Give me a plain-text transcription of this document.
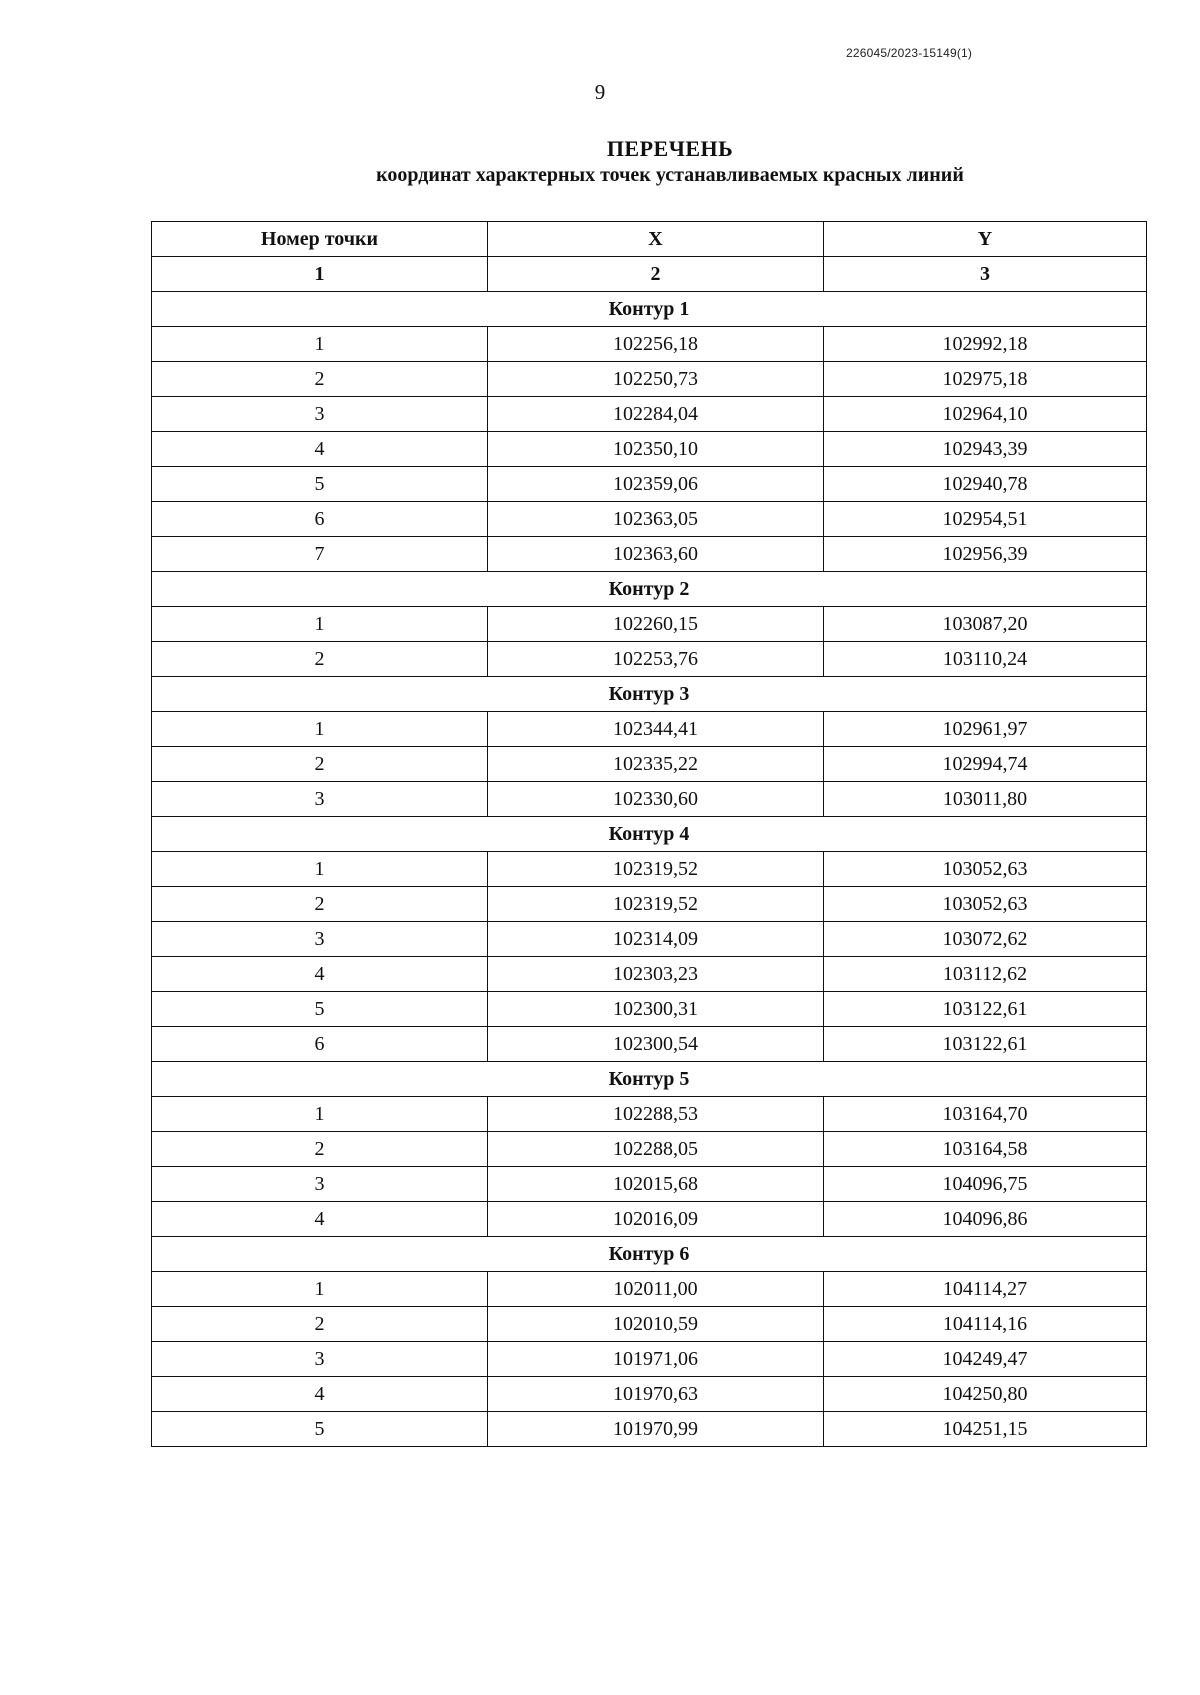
226045/2023-15149(1)
9
ПЕРЕЧЕНЬ
координат характерных точек устанавливаемых красных линий
Номер точки	X	Y
1	2	3
Контур 1		
1	102256,18	102992,18
2	102250,73	102975,18
3	102284,04	102964,10
4	102350,10	102943,39
5	102359,06	102940,78
6	102363,05	102954,51
7	102363,60	102956,39
Контур 2		
1	102260,15	103087,20
2	102253,76	103110,24
Контур 3		
1	102344,41	102961,97
2	102335,22	102994,74
3	102330,60	103011,80
Контур 4		
1	102319,52	103052,63
2	102319,52	103052,63
3	102314,09	103072,62
4	102303,23	103112,62
5	102300,31	103122,61
6	102300,54	103122,61
Контур 5		
1	102288,53	103164,70
2	102288,05	103164,58
3	102015,68	104096,75
4	102016,09	104096,86
Контур 6		
1	102011,00	104114,27
2	102010,59	104114,16
3	101971,06	104249,47
4	101970,63	104250,80
5	101970,99	104251,15
